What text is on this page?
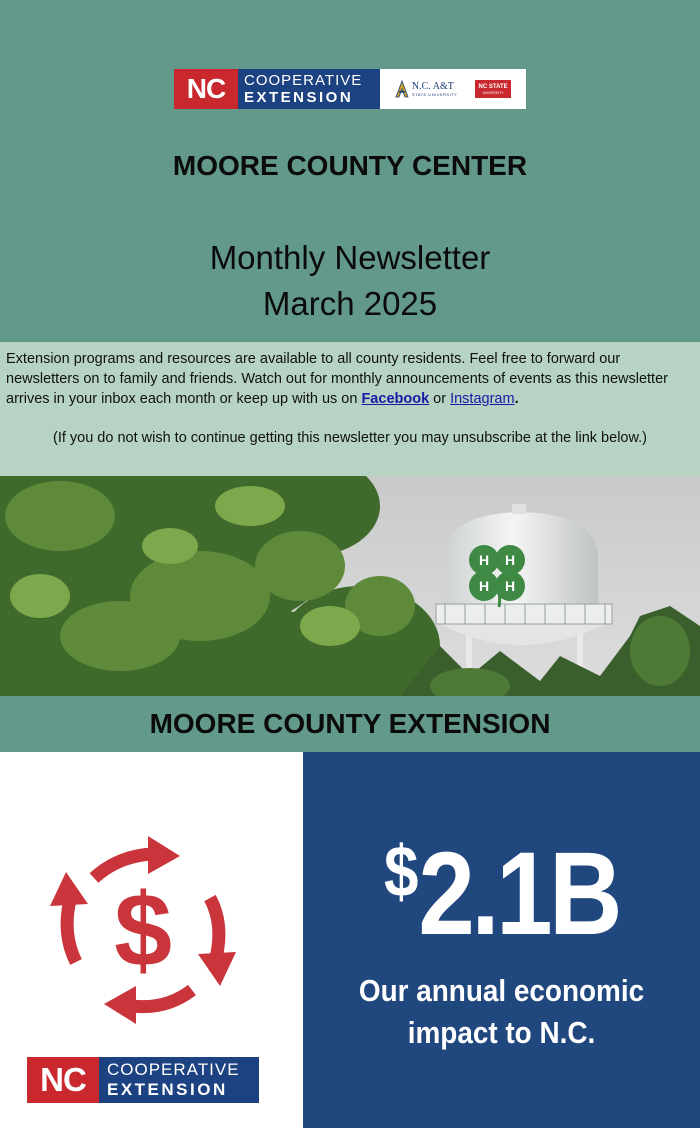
NC	COOPERATIVE
EXTENSION
N.C. A&T
STATE UNIVERSITY
NC STATE
UNIVERSITY
MOORE COUNTY CENTER
Monthly Newsletter
March 2025

Extension programs and resources are available to all county residents. Feel free to forward our newsletters on to family and friends. Watch out for monthly announcements of events as this newsletter arrives in your inbox each month or keep up with us on Facebook or Instagram.

(If you do not wish to continue getting this newsletter you may unsubscribe at the link below.)

H H
H H
MOORE COUNTY EXTENSION
$
NC	COOPERATIVE
EXTENSION
$2.1B
Our annual economic
impact to N.C.
